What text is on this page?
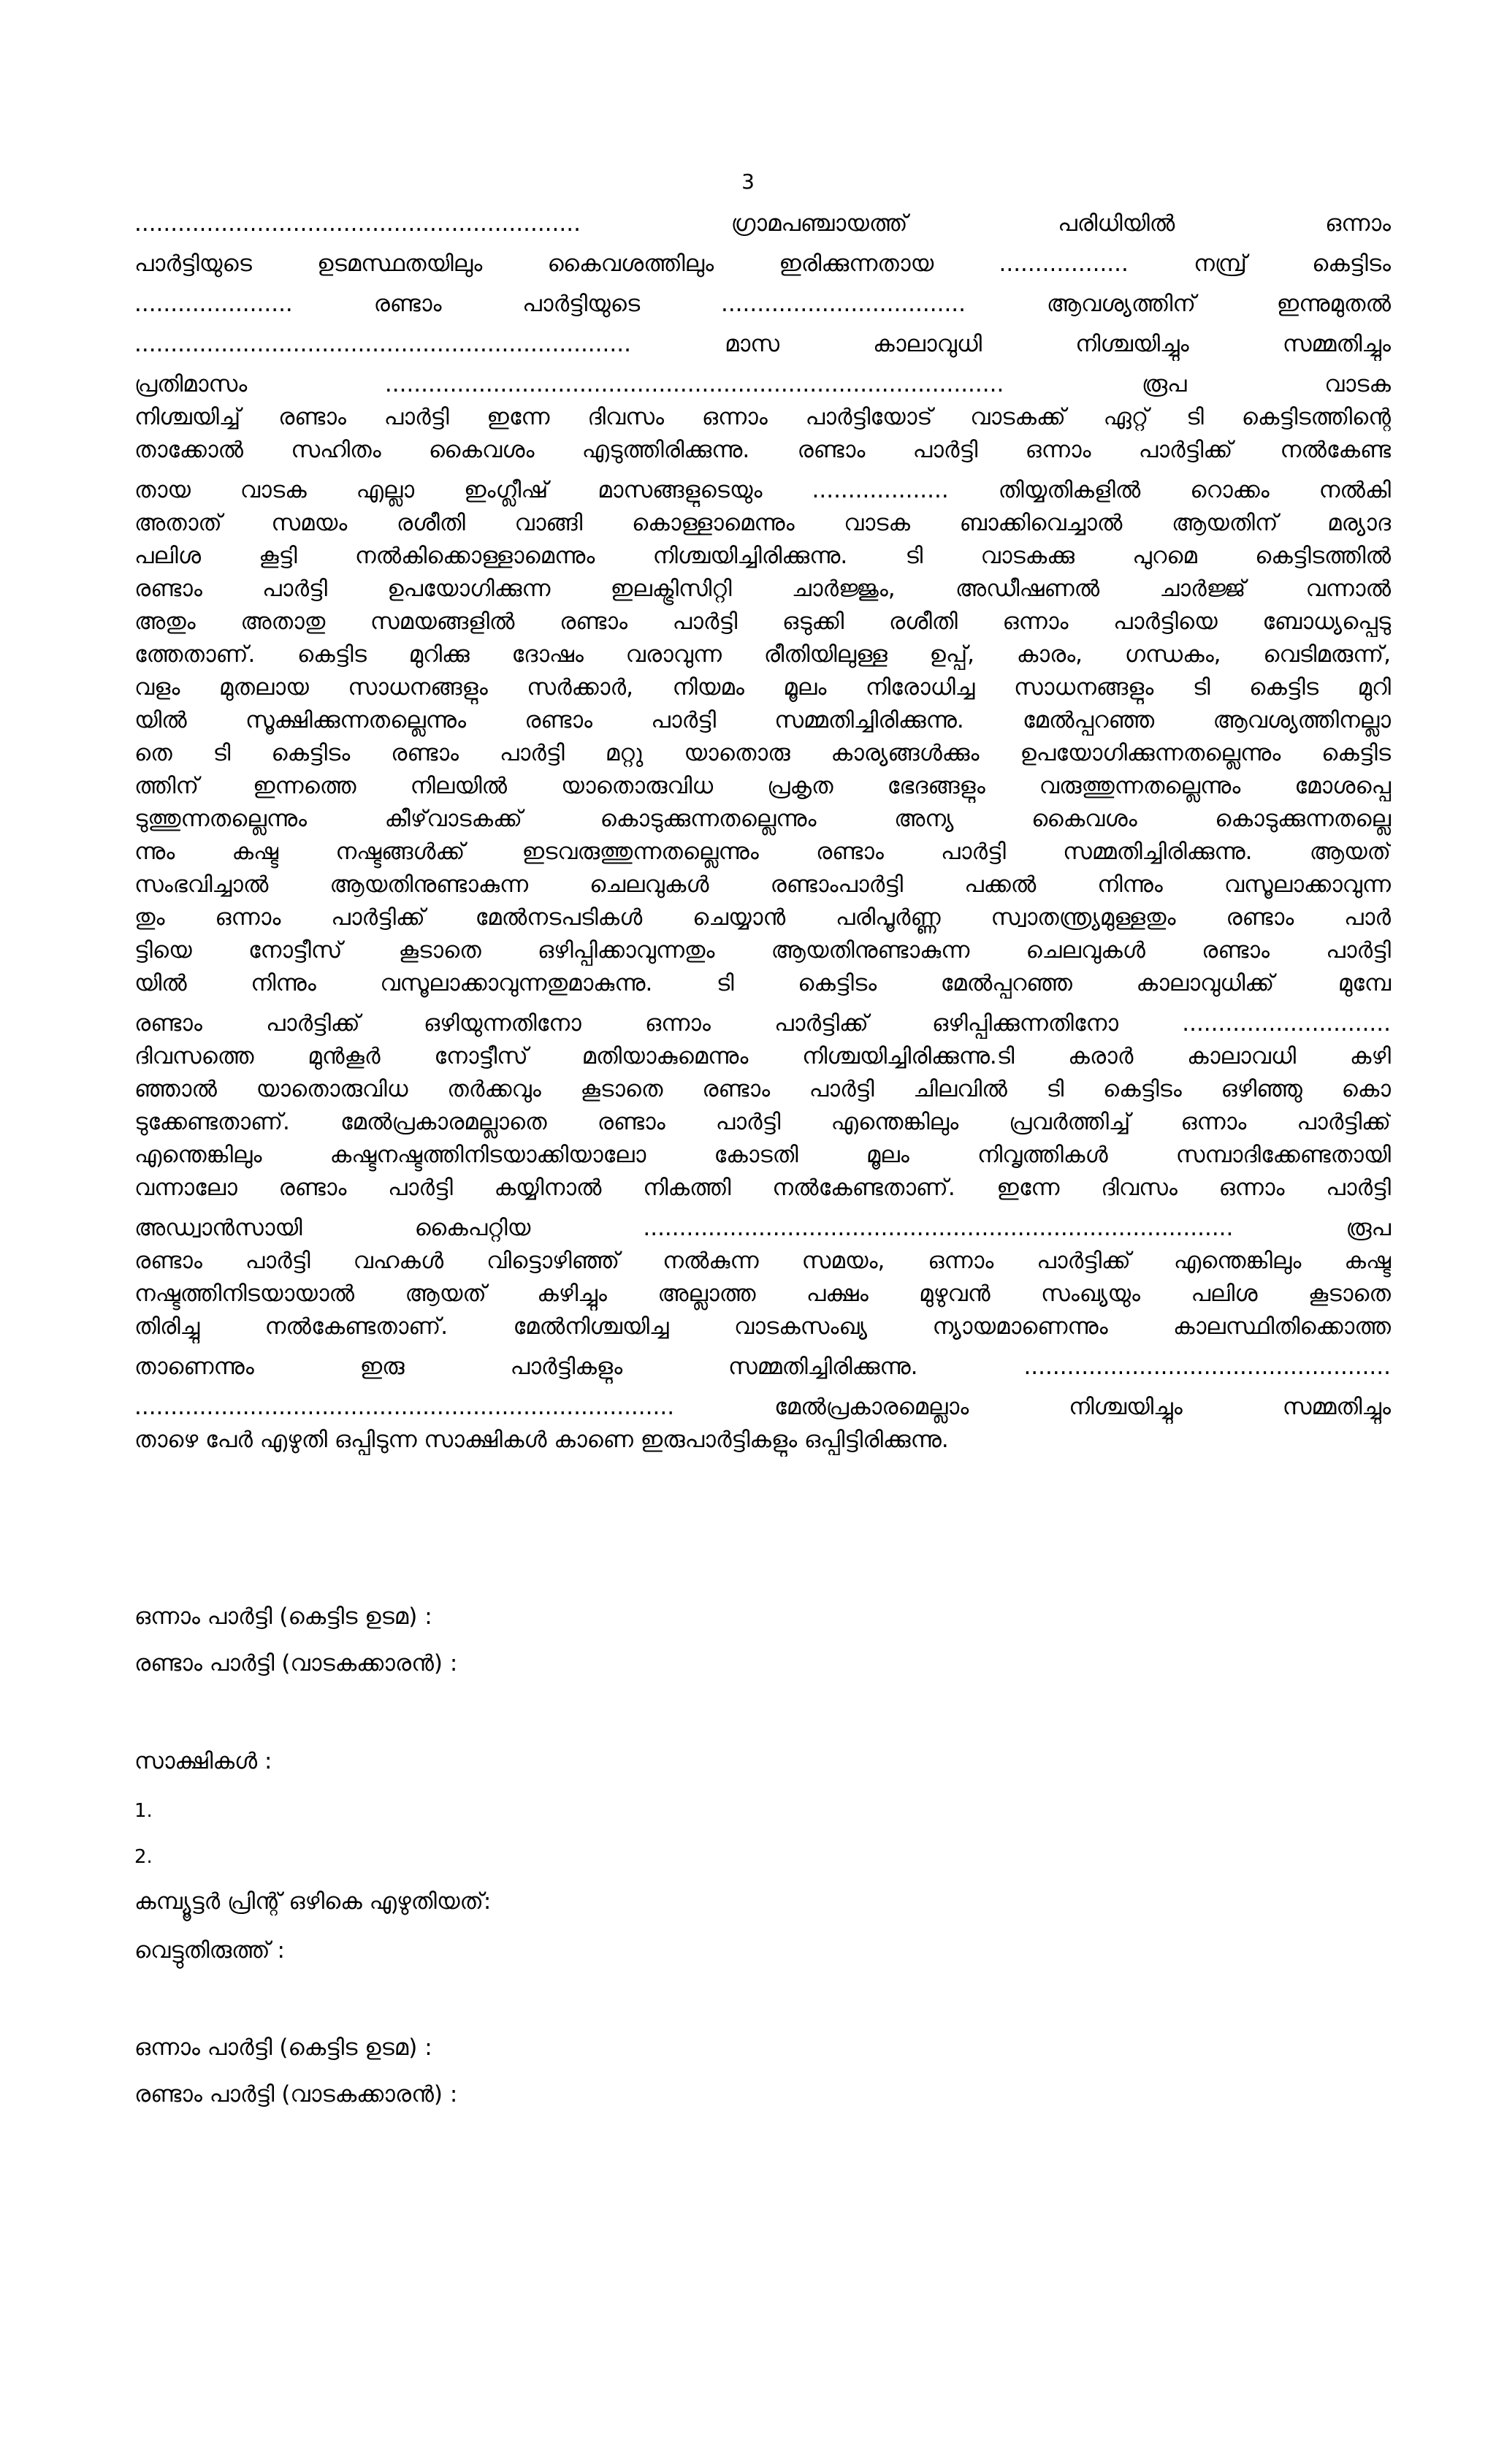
3
.............................................................. ഗ്രാമപഞ്ചായത്ത് പരിധിയിൽ ഒന്നാം
പാർട്ടിയുടെ ഉടമസ്ഥതയിലും കൈവശത്തിലും ഇരിക്കുന്നതായ .................. നമ്പ്ര് കെട്ടിടം
...................... രണ്ടാം പാർട്ടിയുടെ .................................. ആവശ്യത്തിന് ഇന്നുമുതൽ
..................................................................... മാസ കാലാവുധി നിശ്ചയിച്ചും സമ്മതിച്ചും
പ്രതിമാസം ...................................................................................... രൂപ വാടക
നിശ്ചയിച്ച് രണ്ടാം പാർട്ടി ഇന്നേ ദിവസം ഒന്നാം പാർട്ടിയോട് വാടകക്ക് ഏറ്റ് ടി കെട്ടിടത്തിന്റെ
താക്കോൽ സഹിതം കൈവശം എടുത്തിരിക്കുന്നു. രണ്ടാം പാർട്ടി ഒന്നാം പാർട്ടിക്ക് നൽകേണ്ട
തായ വാടക എല്ലാ ഇംഗ്ലീഷ് മാസങ്ങളുടെയും ................... തിയ്യതികളിൽ റൊക്കം നൽകി
അതാത് സമയം രശീതി വാങ്ങി കൊള്ളാമെന്നും വാടക ബാക്കിവെച്ചാൽ ആയതിന് മര്യാദ
പലിശ കൂട്ടി നൽകിക്കൊള്ളാമെന്നും നിശ്ചയിച്ചിരിക്കുന്നു. ടി വാടകക്കു പുറമെ കെട്ടിടത്തിൽ
രണ്ടാം പാർട്ടി ഉപയോഗിക്കുന്ന ഇലക്ട്രിസിറ്റി ചാർജ്ജും, അഡീഷണൽ ചാർജ്ജ് വന്നാൽ
അതും അതാതു സമയങ്ങളിൽ രണ്ടാം പാർട്ടി ഒടുക്കി രശീതി ഒന്നാം പാർട്ടിയെ ബോധ്യപ്പെടു
ത്തേതാണ്. കെട്ടിട മുറിക്കു ദോഷം വരാവുന്ന രീതിയിലുള്ള ഉപ്പ്, കാരം, ഗന്ധകം, വെടിമരുന്ന്,
വളം മുതലായ സാധനങ്ങളും സർക്കാർ, നിയമം മൂലം നിരോധിച്ച സാധനങ്ങളും ടി കെട്ടിട മുറി
യിൽ സൂക്ഷിക്കുന്നതല്ലെന്നും രണ്ടാം പാർട്ടി സമ്മതിച്ചിരിക്കുന്നു. മേൽപ്പറഞ്ഞ ആവശ്യത്തിനല്ലാ
തെ ടി കെട്ടിടം രണ്ടാം പാർട്ടി മറ്റു യാതൊരു കാര്യങ്ങൾക്കും ഉപയോഗിക്കുന്നതല്ലെന്നും കെട്ടിട
ത്തിന് ഇന്നത്തെ നിലയിൽ യാതൊരുവിധ പ്രകൃത ഭേദങ്ങളും വരുത്തുന്നതല്ലെന്നും മോശപ്പെ
ടുത്തുന്നതല്ലെന്നും കീഴ്‌വാടകക്ക് കൊടുക്കുന്നതല്ലെന്നും അന്യ കൈവശം കൊടുക്കുന്നതല്ലെ
ന്നും കഷ്ട നഷ്ടങ്ങൾക്ക് ഇടവരുത്തുന്നതല്ലെന്നും രണ്ടാം പാർട്ടി സമ്മതിച്ചിരിക്കുന്നു. ആയത്
സംഭവിച്ചാൽ ആയതിനുണ്ടാകുന്ന ചെലവുകൾ രണ്ടാംപാർട്ടി പക്കൽ നിന്നും വസൂലാക്കാവുന്ന
തും ഒന്നാം പാർട്ടിക്ക് മേൽനടപടികൾ ചെയ്യാൻ പരിപൂർണ്ണ സ്വാതന്ത്ര്യമുള്ളതും രണ്ടാം പാർ
ട്ടിയെ നോട്ടീസ് കൂടാതെ ഒഴിപ്പിക്കാവുന്നതും ആയതിനുണ്ടാകുന്ന ചെലവുകൾ രണ്ടാം പാർട്ടി
യിൽ നിന്നും വസൂലാക്കാവുന്നതുമാകുന്നു. ടി കെട്ടിടം മേൽപ്പറഞ്ഞ കാലാവുധിക്ക് മുമ്പേ
രണ്ടാം പാർട്ടിക്ക് ഒഴിയുന്നതിനോ ഒന്നാം പാർട്ടിക്ക് ഒഴിപ്പിക്കുന്നതിനോ .............................
ദിവസത്തെ മുൻകൂർ നോട്ടീസ് മതിയാകുമെന്നും നിശ്ചയിച്ചിരിക്കുന്നു.ടി കരാർ കാലാവധി കഴി
ഞ്ഞാൽ യാതൊരുവിധ തർക്കവും കൂടാതെ രണ്ടാം പാർട്ടി ചിലവിൽ ടി കെട്ടിടം ഒഴിഞ്ഞു കൊ
ടുക്കേണ്ടതാണ്. മേൽപ്രകാരമല്ലാതെ രണ്ടാം പാർട്ടി എന്തെങ്കിലും പ്രവർത്തിച്ച് ഒന്നാം പാർട്ടിക്ക്
എന്തെങ്കിലും കഷ്ടനഷ്ടത്തിനിടയാക്കിയാലോ കോടതി മൂലം നിവൃത്തികൾ സമ്പാദിക്കേണ്ടതായി
വന്നാലോ രണ്ടാം പാർട്ടി കയ്യിനാൽ നികത്തി നൽകേണ്ടതാണ്. ഇന്നേ ദിവസം ഒന്നാം പാർട്ടി
അഡ്വാൻസായി കൈപറ്റിയ .................................................................................. രൂപ
രണ്ടാം പാർട്ടി വഹകൾ വിട്ടൊഴിഞ്ഞ് നൽകുന്ന സമയം, ഒന്നാം പാർട്ടിക്ക് എന്തെങ്കിലും കഷ്ട
നഷ്ടത്തിനിടയായാൽ ആയത് കഴിച്ചും അല്ലാത്ത പക്ഷം മുഴുവൻ സംഖ്യയും പലിശ കൂടാതെ
തിരിച്ചു നൽകേണ്ടതാണ്. മേൽനിശ്ചയിച്ച വാടകസംഖ്യ ന്യായമാണെന്നും കാലസ്ഥിതിക്കൊത്ത
താണെന്നും ഇരു പാർട്ടികളും സമ്മതിച്ചിരിക്കുന്നു. ...................................................
........................................................................... മേൽപ്രകാരമെല്ലാം നിശ്ചയിച്ചും സമ്മതിച്ചും
താഴെ പേർ എഴുതി ഒപ്പിടുന്ന സാക്ഷികൾ കാണെ ഇരുപാർട്ടികളും ഒപ്പിട്ടിരിക്കുന്നു.
ഒന്നാം പാർട്ടി (കെട്ടിട ഉടമ) :
രണ്ടാം പാർട്ടി (വാടകക്കാരൻ) :
സാക്ഷികൾ :
1.
2.
കമ്പ്യൂട്ടർ പ്രിന്റ് ഒഴികെ എഴുതിയത്:
വെട്ടുതിരുത്ത് :
ഒന്നാം പാർട്ടി (കെട്ടിട ഉടമ) :
രണ്ടാം പാർട്ടി (വാടകക്കാരൻ) :
